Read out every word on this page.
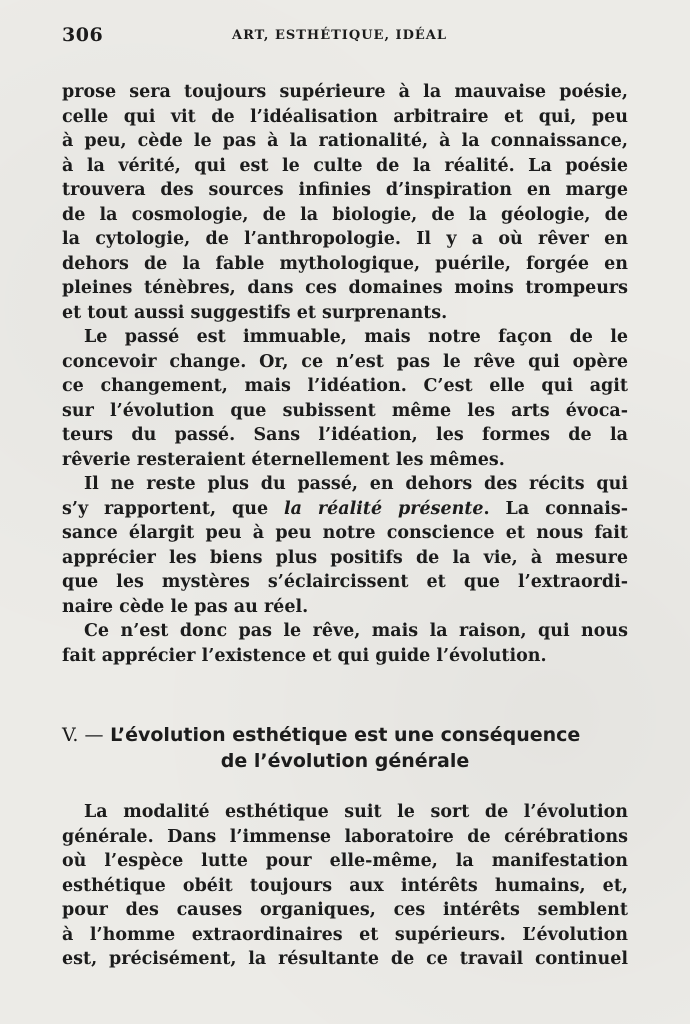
306	ART, ESTHÉTIQUE, IDÉAL
prose sera toujours supérieure à la mauvaise poésie,
celle qui vit de l’idéalisation arbitraire et qui, peu
à peu, cède le pas à la rationalité, à la connaissance,
à la vérité, qui est le culte de la réalité. La poésie
trouvera des sources infinies d’inspiration en marge
de la cosmologie, de la biologie, de la géologie, de
la cytologie, de l’anthropologie. Il y a où rêver en
dehors de la fable mythologique, puérile, forgée en
pleines ténèbres, dans ces domaines moins trompeurs
et tout aussi suggestifs et surprenants.
Le passé est immuable, mais notre façon de le
concevoir change. Or, ce n’est pas le rêve qui opère
ce changement, mais l’idéation. C’est elle qui agit
sur l’évolution que subissent même les arts évoca-
teurs du passé. Sans l’idéation, les formes de la
rêverie resteraient éternellement les mêmes.
Il ne reste plus du passé, en dehors des récits qui
s’y rapportent, que la réalité présente. La connais-
sance élargit peu à peu notre conscience et nous fait
apprécier les biens plus positifs de la vie, à mesure
que les mystères s’éclaircissent et que l’extraordi-
naire cède le pas au réel.
Ce n’est donc pas le rêve, mais la raison, qui nous
fait apprécier l’existence et qui guide l’évolution.
V. — L’évolution esthétique est une conséquence
de l’évolution générale
La modalité esthétique suit le sort de l’évolution
générale. Dans l’immense laboratoire de cérébrations
où l’espèce lutte pour elle-même, la manifestation
esthétique obéit toujours aux intérêts humains, et,
pour des causes organiques, ces intérêts semblent
à l’homme extraordinaires et supérieurs. L’évolution
est, précisément, la résultante de ce travail continuel
